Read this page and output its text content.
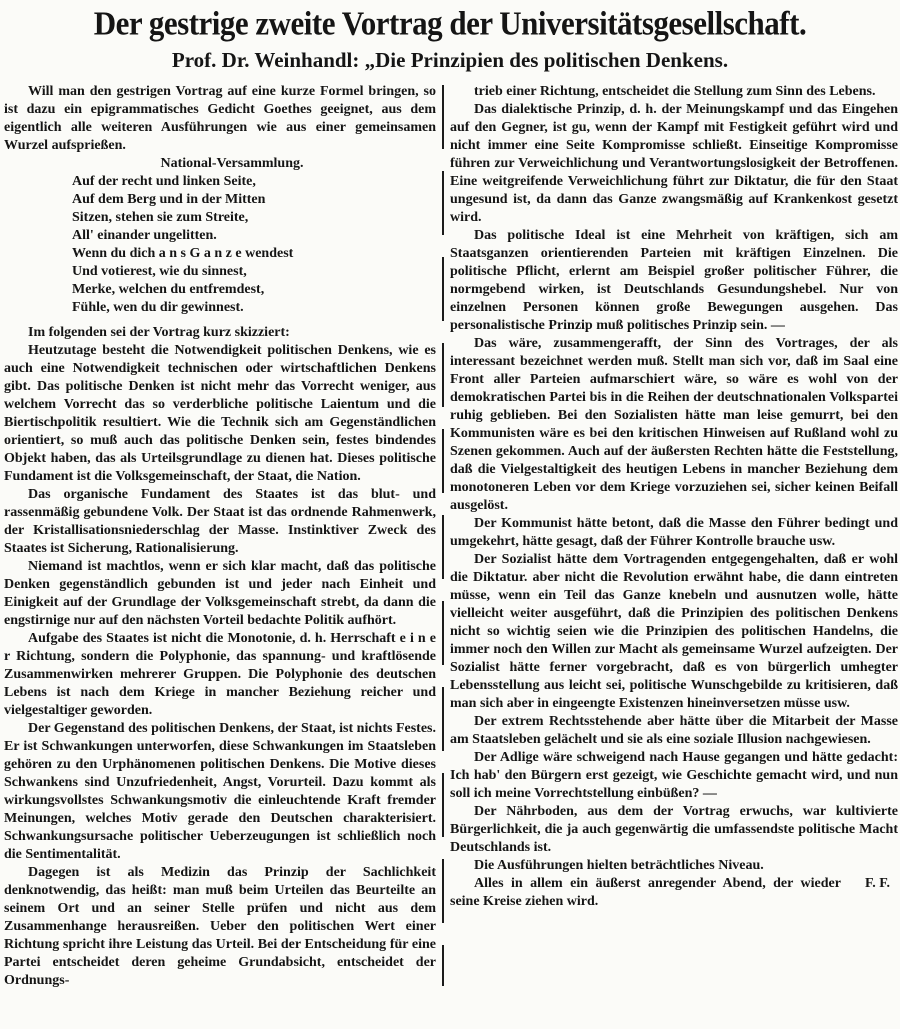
Der gestrige zweite Vortrag der Universitätsgesellschaft.
Prof. Dr. Weinhandl: „Die Prinzipien des politischen Denkens.

Will man den gestrigen Vortrag auf eine kurze Formel bringen, so ist dazu ein epigrammatisches Gedicht Goethes geeignet, aus dem eigentlich alle weiteren Ausführungen wie aus einer gemeinsamen Wurzel aufsprießen.

National-Versammlung.

Auf der recht und linken Seite,
Auf dem Berg und in der Mitten
Sitzen, stehen sie zum Streite,
All' einander ungelitten.
Wenn du dich a n s G a n z e wendest
Und votierest, wie du sinnest,
Merke, welchen du entfremdest,
Fühle, wen du dir gewinnest.

Im folgenden sei der Vortrag kurz skizziert:

Heutzutage besteht die Notwendigkeit politischen Denkens, wie es auch eine Notwendigkeit technischen oder wirtschaftlichen Denkens gibt. Das politische Denken ist nicht mehr das Vorrecht weniger, aus welchem Vorrecht das so verderbliche politische Laientum und die Biertischpolitik resultiert. Wie die Technik sich am Gegenständlichen orientiert, so muß auch das politische Denken sein, festes bindendes Objekt haben, das als Urteilsgrundlage zu dienen hat. Dieses politische Fundament ist die Volksgemeinschaft, der Staat, die Nation.

Das organische Fundament des Staates ist das blut- und rassenmäßig gebundene Volk. Der Staat ist das ordnende Rahmenwerk, der Kristallisationsniederschlag der Masse. Instinktiver Zweck des Staates ist Sicherung, Rationalisierung.

Niemand ist machtlos, wenn er sich klar macht, daß das politische Denken gegenständlich gebunden ist und jeder nach Einheit und Einigkeit auf der Grundlage der Volksgemeinschaft strebt, da dann die engstirnige nur auf den nächsten Vorteil bedachte Politik aufhört.

Aufgabe des Staates ist nicht die Monotonie, d. h. Herrschaft e i n e r Richtung, sondern die Polyphonie, das spannung- und kraftlösende Zusammenwirken mehrerer Gruppen. Die Polyphonie des deutschen Lebens ist nach dem Kriege in mancher Beziehung reicher und vielgestaltiger geworden.

Der Gegenstand des politischen Denkens, der Staat, ist nichts Festes. Er ist Schwankungen unterworfen, diese Schwankungen im Staatsleben gehören zu den Urphänomenen politischen Denkens. Die Motive dieses Schwankens sind Unzufriedenheit, Angst, Vorurteil. Dazu kommt als wirkungsvollstes Schwankungsmotiv die einleuchtende Kraft fremder Meinungen, welches Motiv gerade den Deutschen charakterisiert. Schwankungsursache politischer Ueberzeugungen ist schließlich noch die Sentimentalität.

Dagegen ist als Medizin das Prinzip der Sachlichkeit denknotwendig, das heißt: man muß beim Urteilen das Beurteilte an seinem Ort und an seiner Stelle prüfen und nicht aus dem Zusammenhange herausreißen. Ueber den politischen Wert einer Richtung spricht ihre Leistung das Urteil. Bei der Entscheidung für eine Partei entscheidet deren geheime Grundabsicht, entscheidet der Ordnungs-

trieb einer Richtung, entscheidet die Stellung zum Sinn des Lebens.

Das dialektische Prinzip, d. h. der Meinungskampf und das Eingehen auf den Gegner, ist gu, wenn der Kampf mit Festigkeit geführt wird und nicht immer eine Seite Kompromisse schließt. Einseitige Kompromisse führen zur Verweichlichung und Verantwortungslosigkeit der Betroffenen. Eine weitgreifende Verweichlichung führt zur Diktatur, die für den Staat ungesund ist, da dann das Ganze zwangsmäßig auf Krankenkost gesetzt wird.

Das politische Ideal ist eine Mehrheit von kräftigen, sich am Staatsganzen orientierenden Parteien mit kräftigen Einzelnen. Die politische Pflicht, erlernt am Beispiel großer politischer Führer, die normgebend wirken, ist Deutschlands Gesundungshebel. Nur von einzelnen Personen können große Bewegungen ausgehen. Das personalistische Prinzip muß politisches Prinzip sein. —

Das wäre, zusammengerafft, der Sinn des Vortrages, der als interessant bezeichnet werden muß. Stellt man sich vor, daß im Saal eine Front aller Parteien aufmarschiert wäre, so wäre es wohl von der demokratischen Partei bis in die Reihen der deutschnationalen Volkspartei ruhig geblieben. Bei den Sozialisten hätte man leise gemurrt, bei den Kommunisten wäre es bei den kritischen Hinweisen auf Rußland wohl zu Szenen gekommen. Auch auf der äußersten Rechten hätte die Feststellung, daß die Vielgestaltigkeit des heutigen Lebens in mancher Beziehung dem monotoneren Leben vor dem Kriege vorzuziehen sei, sicher keinen Beifall ausgelöst.

Der Kommunist hätte betont, daß die Masse den Führer bedingt und umgekehrt, hätte gesagt, daß der Führer Kontrolle brauche usw.

Der Sozialist hätte dem Vortragenden entgegengehalten, daß er wohl die Diktatur. aber nicht die Revolution erwähnt habe, die dann eintreten müsse, wenn ein Teil das Ganze knebeln und ausnutzen wolle, hätte vielleicht weiter ausgeführt, daß die Prinzipien des politischen Denkens nicht so wichtig seien wie die Prinzipien des politischen Handelns, die immer noch den Willen zur Macht als gemeinsame Wurzel aufzeigten. Der Sozialist hätte ferner vorgebracht, daß es von bürgerlich umhegter Lebensstellung aus leicht sei, politische Wunschgebilde zu kritisieren, daß man sich aber in eingeengte Existenzen hineinversetzen müsse usw.

Der extrem Rechtsstehende aber hätte über die Mitarbeit der Masse am Staatsleben gelächelt und sie als eine soziale Illusion nachgewiesen.

Der Adlige wäre schweigend nach Hause gegangen und hätte gedacht: Ich hab' den Bürgern erst gezeigt, wie Geschichte gemacht wird, und nun soll ich meine Vorrechtstellung einbüßen? —

Der Nährboden, aus dem der Vortrag erwuchs, war kultivierte Bürgerlichkeit, die ja auch gegenwärtig die umfassendste politische Macht Deutschlands ist.

Die Ausführungen hielten beträchtliches Niveau.

F. F.
Alles in allem ein äußerst anregender Abend, der wieder seine Kreise ziehen wird.
